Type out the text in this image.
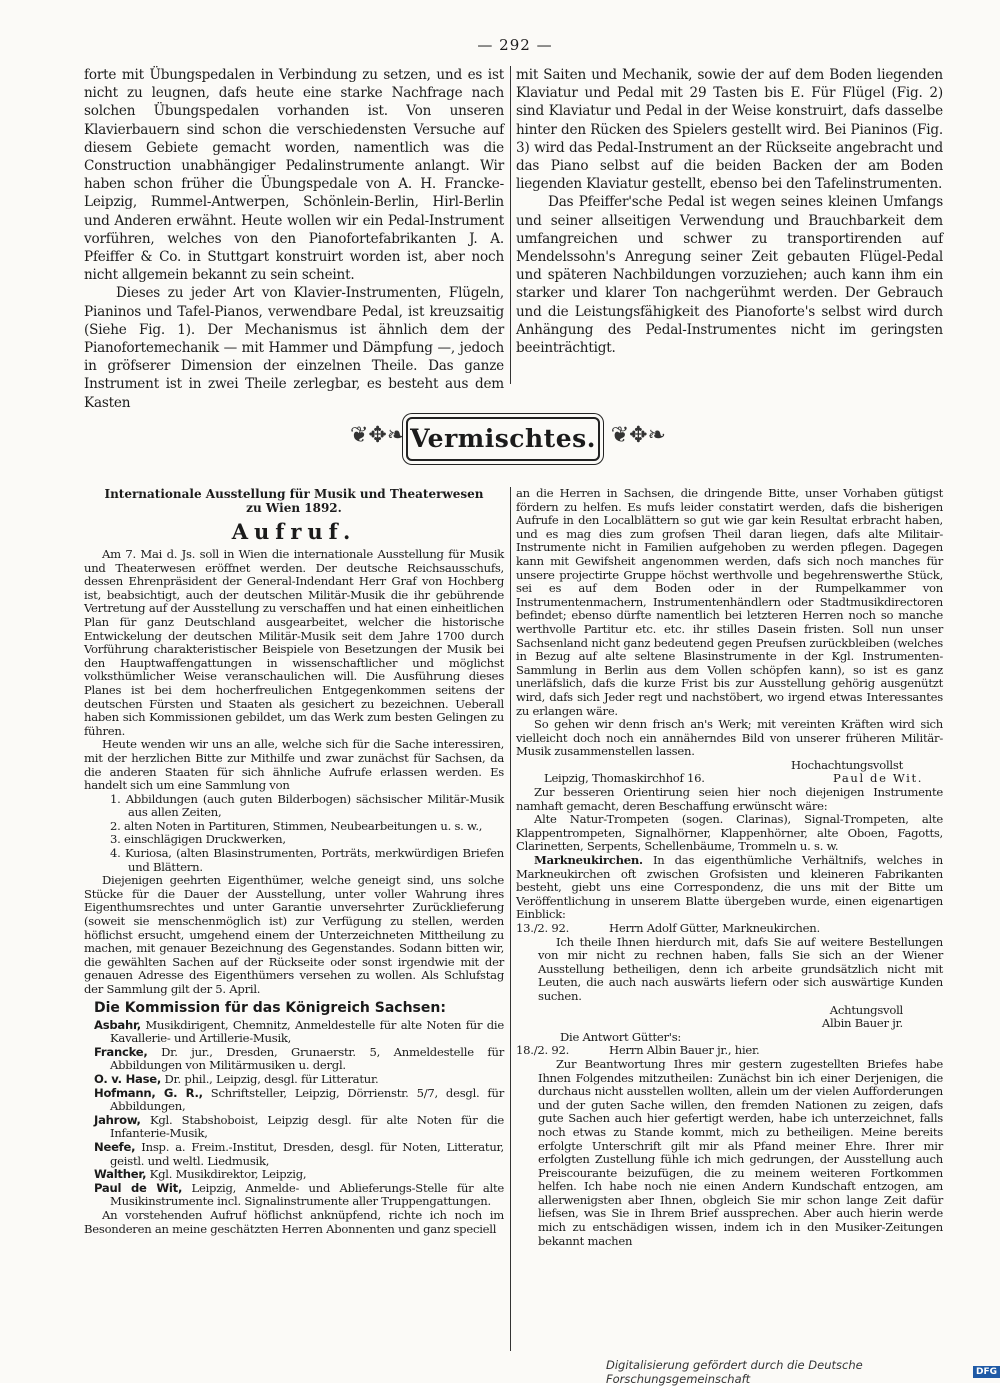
— 292 —

forte mit Übungspedalen in Verbindung zu setzen, und es ist nicht zu leugnen, dafs heute eine starke Nachfrage nach solchen Übungspedalen vorhanden ist. Von unseren Klavierbauern sind schon die verschiedensten Versuche auf diesem Gebiete gemacht worden, namentlich was die Construction unabhängiger Pedalinstrumente anlangt. Wir haben schon früher die Übungspedale von A. H. Francke-Leipzig, Rummel-Antwerpen, Schönlein-Berlin, Hirl-Berlin und Anderen erwähnt. Heute wollen wir ein Pedal-Instrument vorführen, welches von den Pianofortefabrikanten J. A. Pfeiffer & Co. in Stuttgart konstruirt worden ist, aber noch nicht allgemein bekannt zu sein scheint.

Dieses zu jeder Art von Klavier-Instrumenten, Flügeln, Pianinos und Tafel-Pianos, verwendbare Pedal, ist kreuzsaitig (Siehe Fig. 1). Der Mechanismus ist ähnlich dem der Pianofortemechanik — mit Hammer und Dämpfung —, jedoch in gröfserer Dimension der einzelnen Theile. Das ganze Instrument ist in zwei Theile zerlegbar, es besteht aus dem Kasten

mit Saiten und Mechanik, sowie der auf dem Boden liegenden Klaviatur und Pedal mit 29 Tasten bis E. Für Flügel (Fig. 2) sind Klaviatur und Pedal in der Weise konstruirt, dafs dasselbe hinter den Rücken des Spielers gestellt wird. Bei Pianinos (Fig. 3) wird das Pedal-Instrument an der Rückseite angebracht und das Piano selbst auf die beiden Backen der am Boden liegenden Klaviatur gestellt, ebenso bei den Tafelinstrumenten.

Das Pfeiffer'sche Pedal ist wegen seines kleinen Umfangs und seiner allseitigen Verwendung und Brauchbarkeit dem umfangreichen und schwer zu transportirenden auf Mendelssohn's Anregung seiner Zeit gebauten Flügel-Pedal und späteren Nachbildungen vorzuziehen; auch kann ihm ein starker und klarer Ton nachgerühmt werden. Der Gebrauch und die Leistungsfähigkeit des Pianoforte's selbst wird durch Anhängung des Pedal-Instrumentes nicht im geringsten beeinträchtigt.

❦✥❧ Vermischtes. ❦✥❧

Internationale Ausstellung für Musik und Theaterwesen

zu Wien 1892.

Aufruf.

Am 7. Mai d. Js. soll in Wien die internationale Ausstellung für Musik und Theaterwesen eröffnet werden. Der deutsche Reichsausschufs, dessen Ehrenpräsident der General-Indendant Herr Graf von Hochberg ist, beabsichtigt, auch der deutschen Militär-Musik die ihr gebührende Vertretung auf der Ausstellung zu verschaffen und hat einen einheitlichen Plan für ganz Deutschland ausgearbeitet, welcher die historische Entwickelung der deutschen Militär-Musik seit dem Jahre 1700 durch Vorführung charakteristischer Beispiele von Besetzungen der Musik bei den Hauptwaffengattungen in wissenschaftlicher und möglichst volksthümlicher Weise veranschaulichen will. Die Ausführung dieses Planes ist bei dem hocherfreulichen Entgegenkommen seitens der deutschen Fürsten und Staaten als gesichert zu bezeichnen. Ueberall haben sich Kommissionen gebildet, um das Werk zum besten Gelingen zu führen.

Heute wenden wir uns an alle, welche sich für die Sache interessiren, mit der herzlichen Bitte zur Mithilfe und zwar zunächst für Sachsen, da die anderen Staaten für sich ähnliche Aufrufe erlassen werden. Es handelt sich um eine Sammlung von

1. Abbildungen (auch guten Bilderbogen) sächsischer Militär-Musik aus allen Zeiten,

2. alten Noten in Partituren, Stimmen, Neubearbeitungen u. s. w.,

3. einschlägigen Druckwerken,

4. Kuriosa, (alten Blasinstrumenten, Porträts, merkwürdigen Briefen und Blättern.

Diejenigen geehrten Eigenthümer, welche geneigt sind, uns solche Stücke für die Dauer der Ausstellung, unter voller Wahrung ihres Eigenthumsrechtes und unter Garantie unversehrter Zurücklieferung (soweit sie menschenmöglich ist) zur Verfügung zu stellen, werden höflichst ersucht, umgehend einem der Unterzeichneten Mittheilung zu machen, mit genauer Bezeichnung des Gegenstandes. Sodann bitten wir, die gewählten Sachen auf der Rückseite oder sonst irgendwie mit der genauen Adresse des Eigenthümers versehen zu wollen. Als Schlufstag der Sammlung gilt der 5. April.

Die Kommission für das Königreich Sachsen:

Asbahr, Musikdirigent, Chemnitz, Anmeldestelle für alte Noten für die Kavallerie- und Artillerie-Musik,

Francke, Dr. jur., Dresden, Grunaerstr. 5, Anmeldestelle für Abbildungen von Militärmusiken u. dergl.

O. v. Hase, Dr. phil., Leipzig, desgl. für Litteratur.

Hofmann, G. R., Schriftsteller, Leipzig, Dörrienstr. 5/7, desgl. für Abbildungen,

Jahrow, Kgl. Stabshoboist, Leipzig desgl. für alte Noten für die Infanterie-Musik,

Neefe, Insp. a. Freim.-Institut, Dresden, desgl. für Noten, Litteratur, geistl. und weltl. Liedmusik,

Walther, Kgl. Musikdirektor, Leipzig,

Paul de Wit, Leipzig, Anmelde- und Ablieferungs-Stelle für alte Musikinstrumente incl. Signalinstrumente aller Truppengattungen.

An vorstehenden Aufruf höflichst anknüpfend, richte ich noch im Besonderen an meine geschätzten Herren Abonnenten und ganz speciell

an die Herren in Sachsen, die dringende Bitte, unser Vorhaben gütigst fördern zu helfen. Es mufs leider constatirt werden, dafs die bisherigen Aufrufe in den Localblättern so gut wie gar kein Resultat erbracht haben, und es mag dies zum grofsen Theil daran liegen, dafs alte Militair-Instrumente nicht in Familien aufgehoben zu werden pflegen. Dagegen kann mit Gewifsheit angenommen werden, dafs sich noch manches für unsere projectirte Gruppe höchst werthvolle und begehrenswerthe Stück, sei es auf dem Boden oder in der Rumpelkammer von Instrumentenmachern, Instrumentenhändlern oder Stadtmusikdirectoren befindet; ebenso dürfte namentlich bei letzteren Herren noch so manche werthvolle Partitur etc. etc. ihr stilles Dasein fristen. Soll nun unser Sachsenland nicht ganz bedeutend gegen Preufsen zurückbleiben (welches in Bezug auf alte seltene Blasinstrumente in der Kgl. Instrumenten-Sammlung in Berlin aus dem Vollen schöpfen kann), so ist es ganz unerläfslich, dafs die kurze Frist bis zur Ausstellung gehörig ausgenützt wird, dafs sich Jeder regt und nachstöbert, wo irgend etwas Interessantes zu erlangen wäre.

So gehen wir denn frisch an's Werk; mit vereinten Kräften wird sich vielleicht doch noch ein annäherndes Bild von unserer früheren Militär-Musik zusammenstellen lassen.

Hochachtungsvollst

Leipzig, Thomaskirchhof 16.	Paul de Wit.

Zur besseren Orientirung seien hier noch diejenigen Instrumente namhaft gemacht, deren Beschaffung erwünscht wäre:

Alte Natur-Trompeten (sogen. Clarinas), Signal-Trompeten, alte Klappentrompeten, Signalhörner, Klappenhörner, alte Oboen, Fagotts, Clarinetten, Serpents, Schellenbäume, Trommeln u. s. w.

Markneukirchen. In das eigenthümliche Verhältnifs, welches in Markneukirchen oft zwischen Grofsisten und kleineren Fabrikanten besteht, giebt uns eine Correspondenz, die uns mit der Bitte um Veröffentlichung in unserem Blatte übergeben wurde, einen eigenartigen Einblick:

13./2. 92.	Herrn Adolf Gütter, Markneukirchen.

Ich theile Ihnen hierdurch mit, dafs Sie auf weitere Bestellungen von mir nicht zu rechnen haben, falls Sie sich an der Wiener Ausstellung betheiligen, denn ich arbeite grundsätzlich nicht mit Leuten, die auch nach auswärts liefern oder sich auswärtige Kunden suchen.

Achtungsvoll

Albin Bauer jr.

Die Antwort Gütter's:

18./2. 92.	Herrn Albin Bauer jr., hier.

Zur Beantwortung Ihres mir gestern zugestellten Briefes habe Ihnen Folgendes mitzutheilen: Zunächst bin ich einer Derjenigen, die durchaus nicht ausstellen wollten, allein um der vielen Aufforderungen und der guten Sache willen, den fremden Nationen zu zeigen, dafs gute Sachen auch hier gefertigt werden, habe ich unterzeichnet, falls noch etwas zu Stande kommt, mich zu betheiligen. Meine bereits erfolgte Unterschrift gilt mir als Pfand meiner Ehre. Ihrer mir erfolgten Zustellung fühle ich mich gedrungen, der Ausstellung auch Preiscourante beizufügen, die zu meinem weiteren Fortkommen helfen. Ich habe noch nie einen Andern Kundschaft entzogen, am allerwenigsten aber Ihnen, obgleich Sie mir schon lange Zeit dafür liefsen, was Sie in Ihrem Brief aussprechen. Aber auch hierin werde mich zu entschädigen wissen, indem ich in den Musiker-Zeitungen bekannt machen

Digitalisierung gefördert durch die Deutsche Forschungsgemeinschaft	DFG
